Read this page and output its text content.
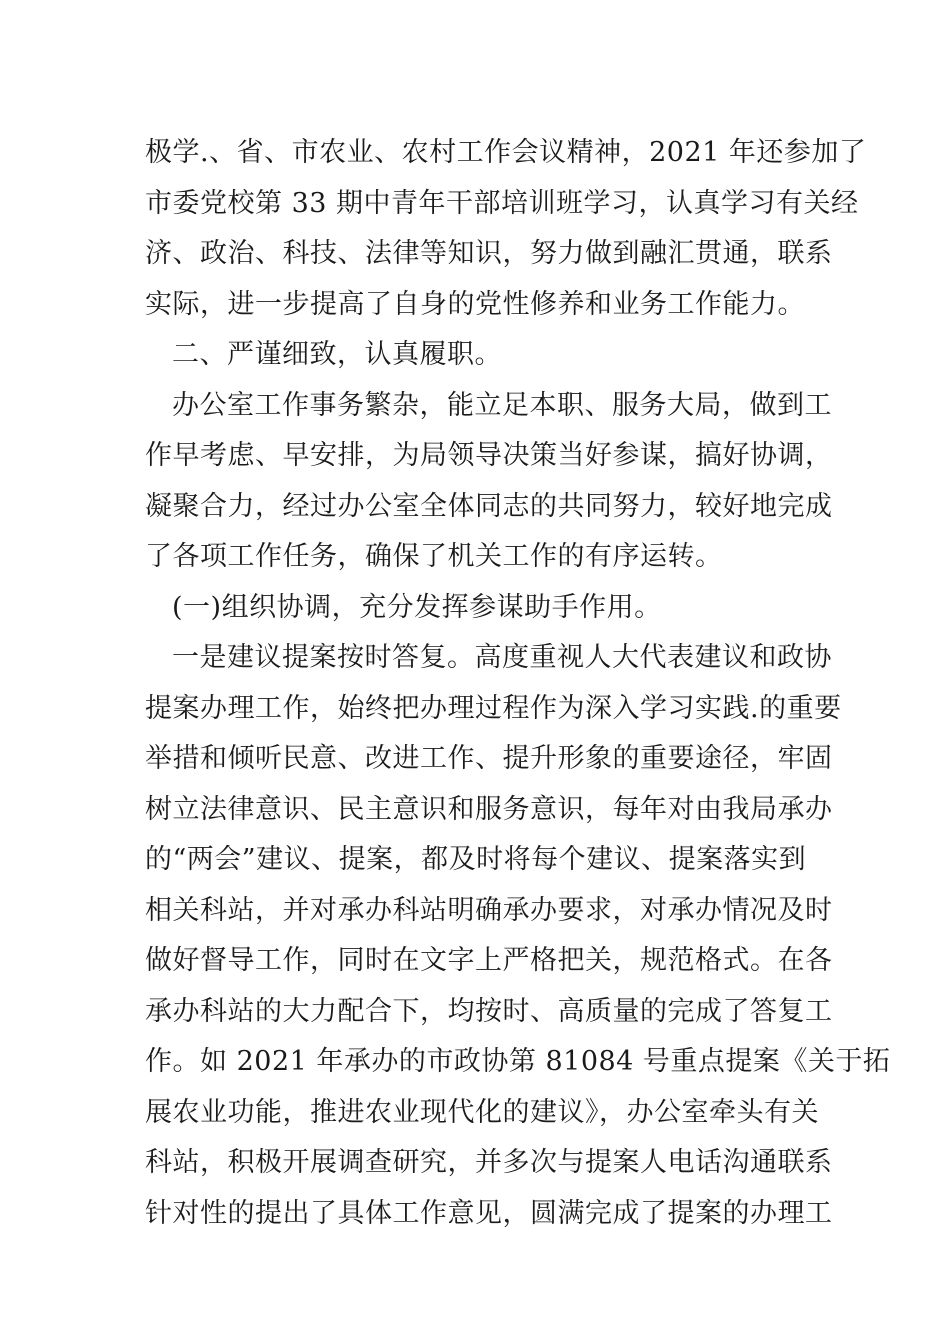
极学.、省、市农业、农村工作会议精神，2021 年还参加了
市委党校第 33 期中青年干部培训班学习，认真学习有关经
济、政治、科技、法律等知识，努力做到融汇贯通，联系
实际，进一步提高了自身的党性修养和业务工作能力。
二、严谨细致，认真履职。
办公室工作事务繁杂，能立足本职、服务大局，做到工
作早考虑、早安排，为局领导决策当好参谋，搞好协调，
凝聚合力，经过办公室全体同志的共同努力，较好地完成
了各项工作任务，确保了机关工作的有序运转。
(一)组织协调，充分发挥参谋助手作用。
一是建议提案按时答复。高度重视人大代表建议和政协
提案办理工作，始终把办理过程作为深入学习实践.的重要
举措和倾听民意、改进工作、提升形象的重要途径，牢固
树立法律意识、民主意识和服务意识，每年对由我局承办
的“两会”建议、提案，都及时将每个建议、提案落实到
相关科站，并对承办科站明确承办要求，对承办情况及时
做好督导工作，同时在文字上严格把关，规范格式。在各
承办科站的大力配合下，均按时、高质量的完成了答复工
作。如 2021 年承办的市政协第 81084 号重点提案《关于拓
展农业功能，推进农业现代化的建议》，办公室牵头有关
科站，积极开展调查研究，并多次与提案人电话沟通联系
针对性的提出了具体工作意见，圆满完成了提案的办理工
